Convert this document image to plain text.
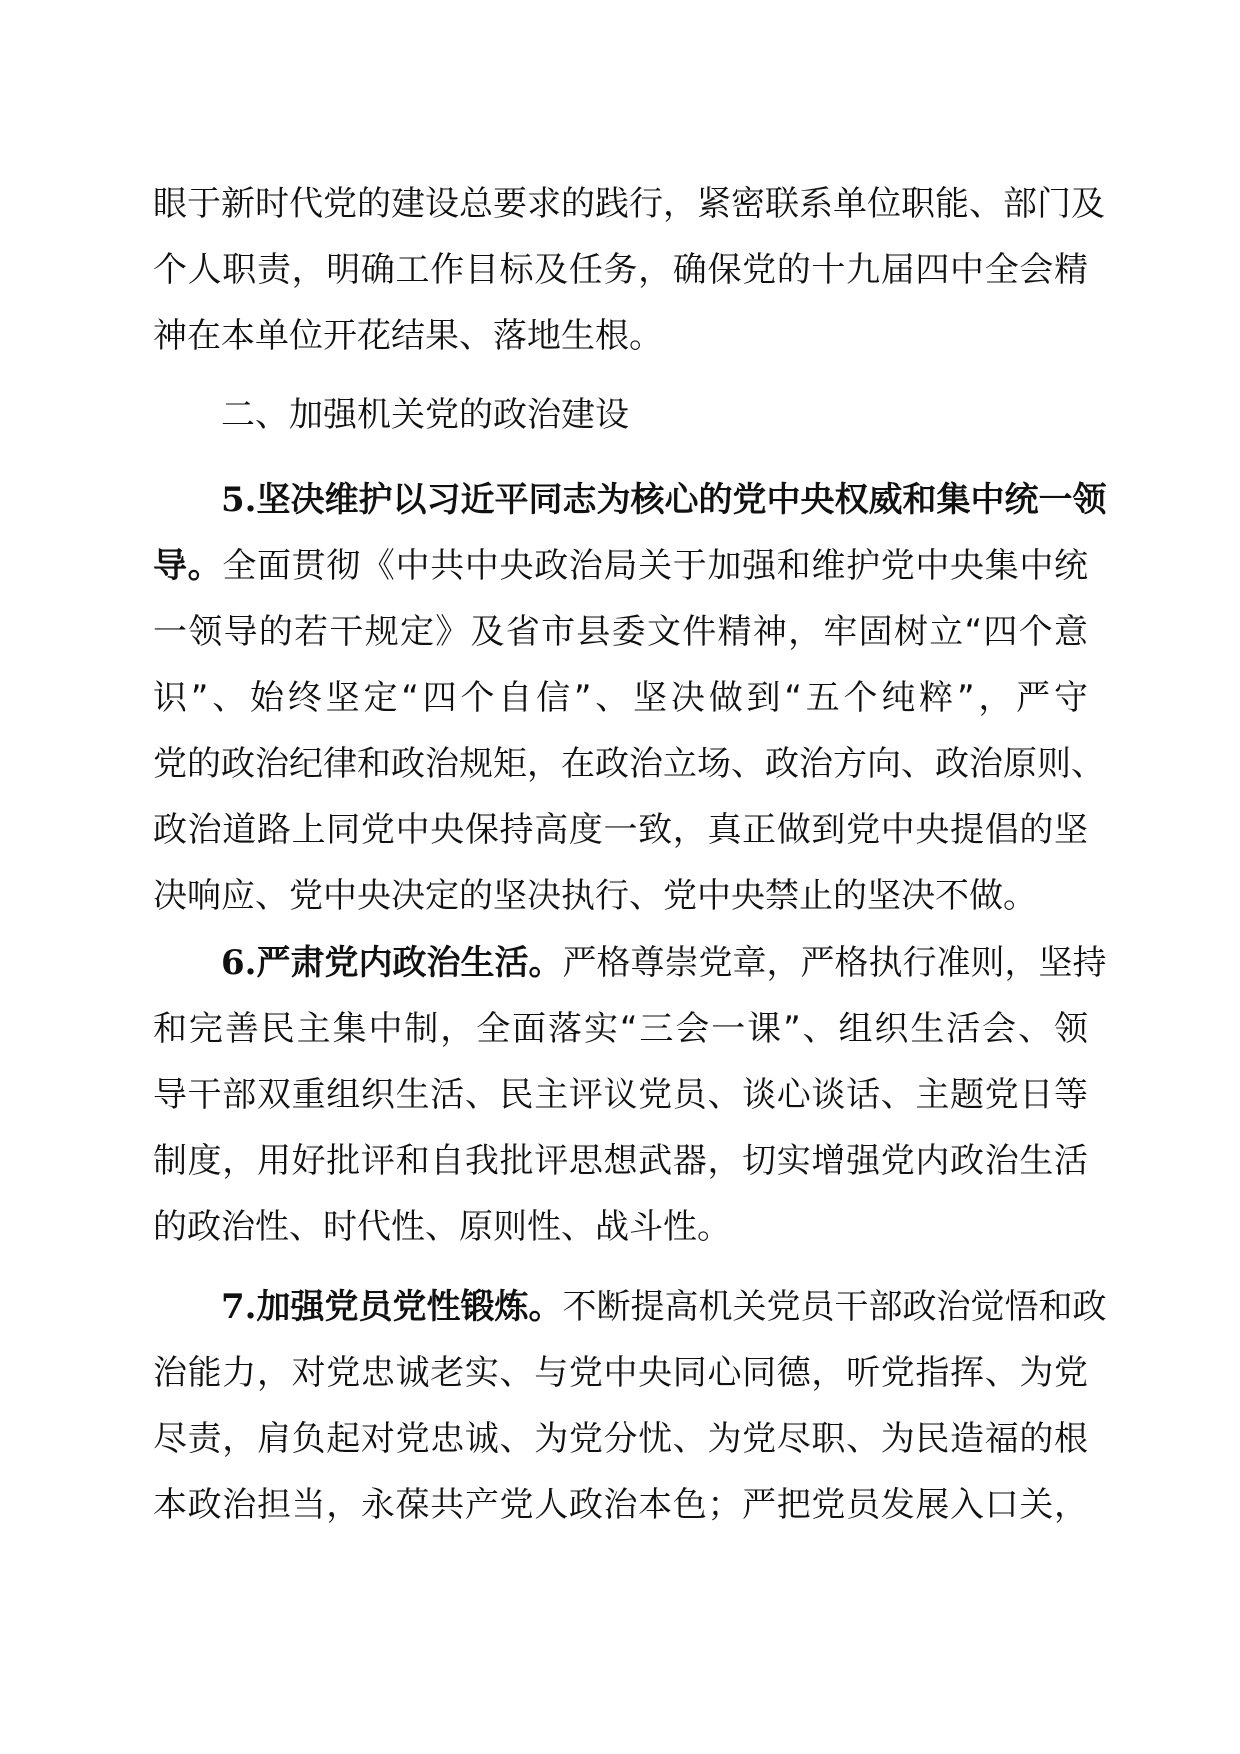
眼于新时代党的建设总要求的践行，紧密联系单位职能、部门及
个人职责，明确工作目标及任务，确保党的十九届四中全会精
神在本单位开花结果、落地生根。
二、加强机关党的政治建设
5.坚决维护以习近平同志为核心的党中央权威和集中统一领
导。全面贯彻《中共中央政治局关于加强和维护党中央集中统
一领导的若干规定》及省市县委文件精神，牢固树立“四个意
识”、始终坚定“四个自信”、坚决做到“五个纯粹”，严守
党的政治纪律和政治规矩，在政治立场、政治方向、政治原则、
政治道路上同党中央保持高度一致，真正做到党中央提倡的坚
决响应、党中央决定的坚决执行、党中央禁止的坚决不做。
6.严肃党内政治生活。严格尊崇党章，严格执行准则，坚持
和完善民主集中制，全面落实“三会一课”、组织生活会、领
导干部双重组织生活、民主评议党员、谈心谈话、主题党日等
制度，用好批评和自我批评思想武器，切实增强党内政治生活
的政治性、时代性、原则性、战斗性。
7.加强党员党性锻炼。不断提高机关党员干部政治觉悟和政
治能力，对党忠诚老实、与党中央同心同德，听党指挥、为党
尽责，肩负起对党忠诚、为党分忧、为党尽职、为民造福的根
本政治担当，永葆共产党人政治本色；严把党员发展入口关，
